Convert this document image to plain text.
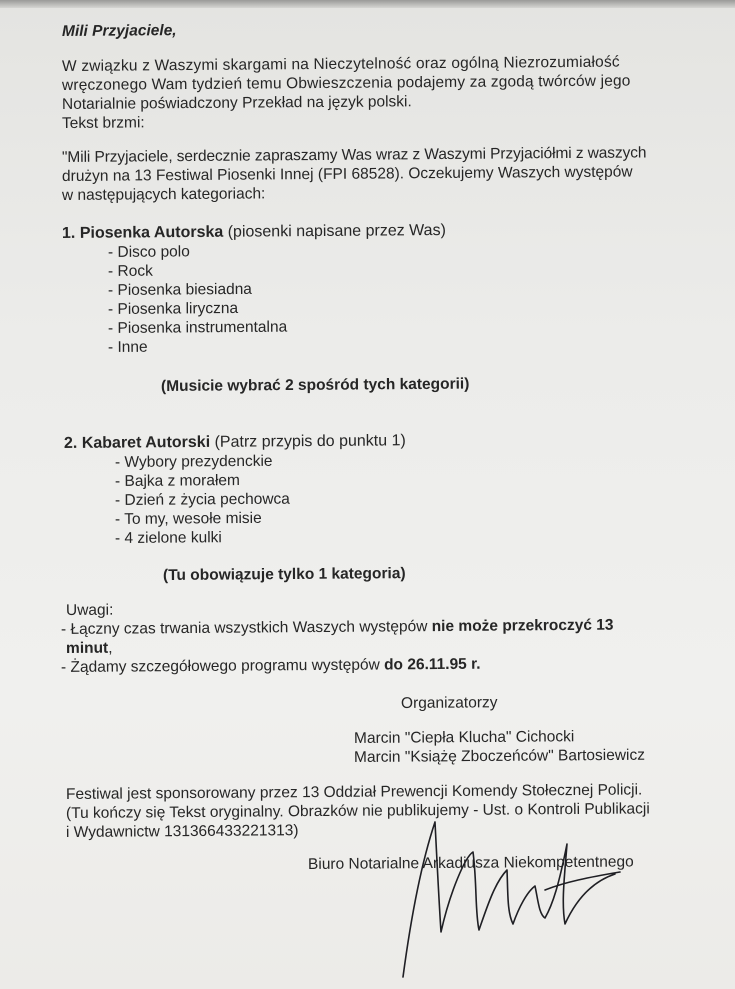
Mili Przyjaciele,
W związku z Waszymi skargami na Nieczytelność oraz ogólną Niezrozumiałość
wręczonego Wam tydzień temu Obwieszczenia podajemy za zgodą twórców jego
Notarialnie poświadczony Przekład na język polski.
Tekst brzmi:
"Mili Przyjaciele, serdecznie zapraszamy Was wraz z Waszymi Przyjaciółmi z waszych
drużyn na 13 Festiwal Piosenki Innej (FPI 68528). Oczekujemy Waszych występów
w następujących kategoriach:
1. Piosenka Autorska (piosenki napisane przez Was)
- Disco polo
- Rock
- Piosenka biesiadna
- Piosenka liryczna
- Piosenka instrumentalna
- Inne
(Musicie wybrać 2 spośród tych kategorii)
2. Kabaret Autorski (Patrz przypis do punktu 1)
- Wybory prezydenckie
- Bajka z morałem
- Dzień z życia pechowca
- To my, wesołe misie
- 4 zielone kulki
(Tu obowiązuje tylko 1 kategoria)
Uwagi:
- Łączny czas trwania wszystkich Waszych występów nie może przekroczyć 13
minut,
- Żądamy szczegółowego programu występów do 26.11.95 r.
Organizatorzy
Marcin "Ciepła Klucha" Cichocki
Marcin "Książę Zboczeńców" Bartosiewicz
Festiwal jest sponsorowany przez 13 Oddział Prewencji Komendy Stołecznej Policji.
(Tu kończy się Tekst oryginalny. Obrazków nie publikujemy - Ust. o Kontroli Publikacji
i Wydawnictw 131366433221313)
Biuro Notarialne Arkadiusza Niekompetentnego
